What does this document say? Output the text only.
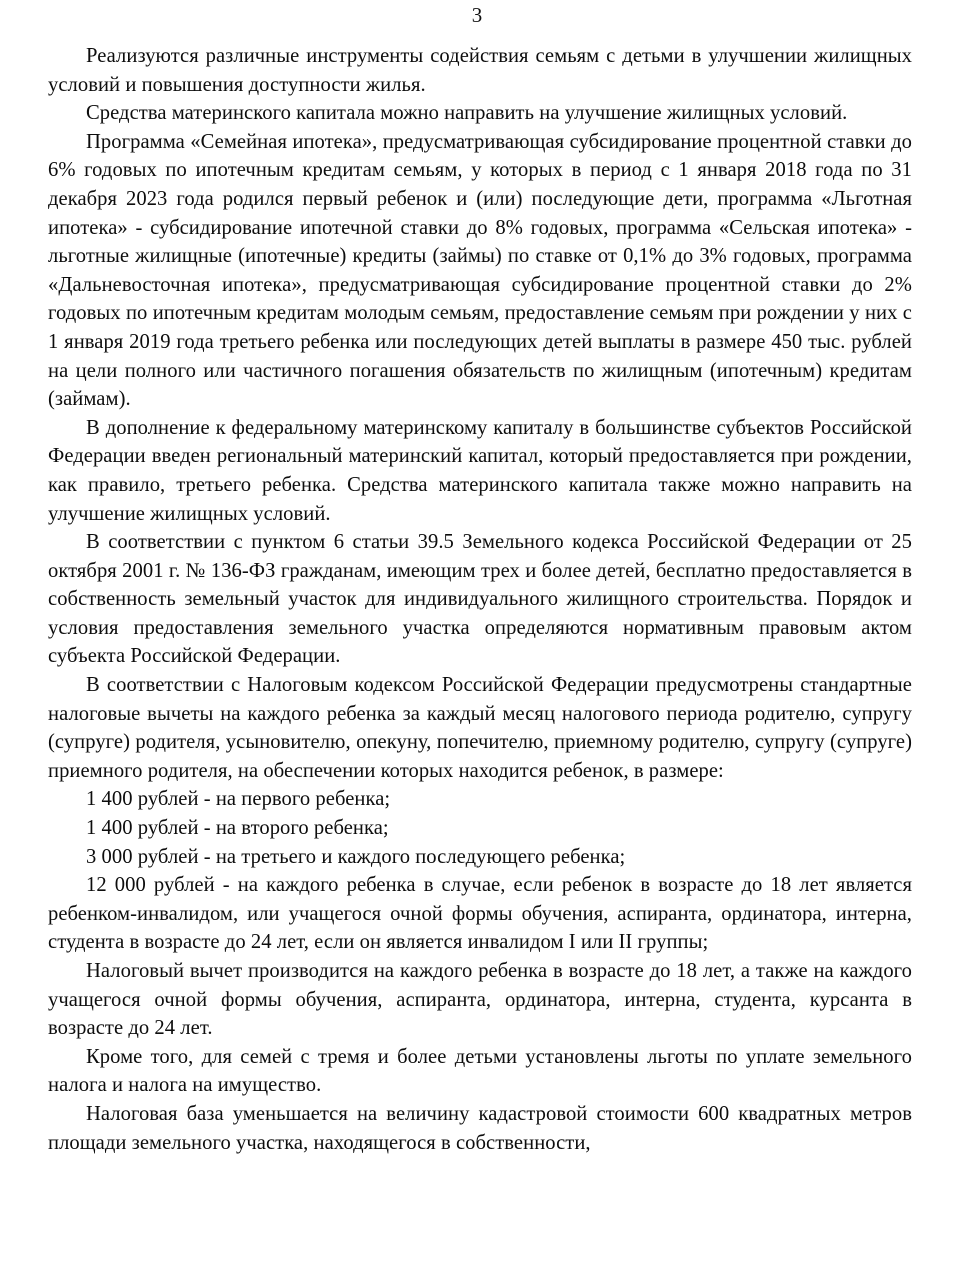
3

Реализуются различные инструменты содействия семьям с детьми в улучшении жилищных условий и повышения доступности жилья.

Средства материнского капитала можно направить на улучшение жилищных условий.

Программа «Семейная ипотека», предусматривающая субсидирование процентной ставки до 6% годовых по ипотечным кредитам семьям, у которых в период с 1 января 2018 года по 31 декабря 2023 года родился первый ребенок и (или) последующие дети, программа «Льготная ипотека» - субсидирование ипотечной ставки до 8% годовых, программа «Сельская ипотека» - льготные жилищные (ипотечные) кредиты (займы) по ставке от 0,1% до 3% годовых, программа «Дальневосточная ипотека», предусматривающая субсидирование процентной ставки до 2% годовых по ипотечным кредитам молодым семьям, предоставление семьям при рождении у них с 1 января 2019 года третьего ребенка или последующих детей выплаты в размере 450 тыс. рублей на цели полного или частичного погашения обязательств по жилищным (ипотечным) кредитам (займам).

В дополнение к федеральному материнскому капиталу в большинстве субъектов Российской Федерации введен региональный материнский капитал, который предоставляется при рождении, как правило, третьего ребенка. Средства материнского капитала также можно направить на улучшение жилищных условий.

В соответствии с пунктом 6 статьи 39.5 Земельного кодекса Российской Федерации от 25 октября 2001 г. № 136-ФЗ гражданам, имеющим трех и более детей, бесплатно предоставляется в собственность земельный участок для индивидуального жилищного строительства. Порядок и условия предоставления земельного участка определяются нормативным правовым актом субъекта Российской Федерации.

В соответствии с Налоговым кодексом Российской Федерации предусмотрены стандартные налоговые вычеты на каждого ребенка за каждый месяц налогового периода родителю, супругу (супруге) родителя, усыновителю, опекуну, попечителю, приемному родителю, супругу (супруге) приемного родителя, на обеспечении которых находится ребенок, в размере:

1 400 рублей - на первого ребенка;

1 400 рублей - на второго ребенка;

3 000 рублей - на третьего и каждого последующего ребенка;

12 000 рублей - на каждого ребенка в случае, если ребенок в возрасте до 18 лет является ребенком-инвалидом, или учащегося очной формы обучения, аспиранта, ординатора, интерна, студента в возрасте до 24 лет, если он является инвалидом I или II группы;

Налоговый вычет производится на каждого ребенка в возрасте до 18 лет, а также на каждого учащегося очной формы обучения, аспиранта, ординатора, интерна, студента, курсанта в возрасте до 24 лет.

Кроме того, для семей с тремя и более детьми установлены льготы по уплате земельного налога и налога на имущество.

Налоговая база уменьшается на величину кадастровой стоимости 600 квадратных метров площади земельного участка, находящегося в собственности,
